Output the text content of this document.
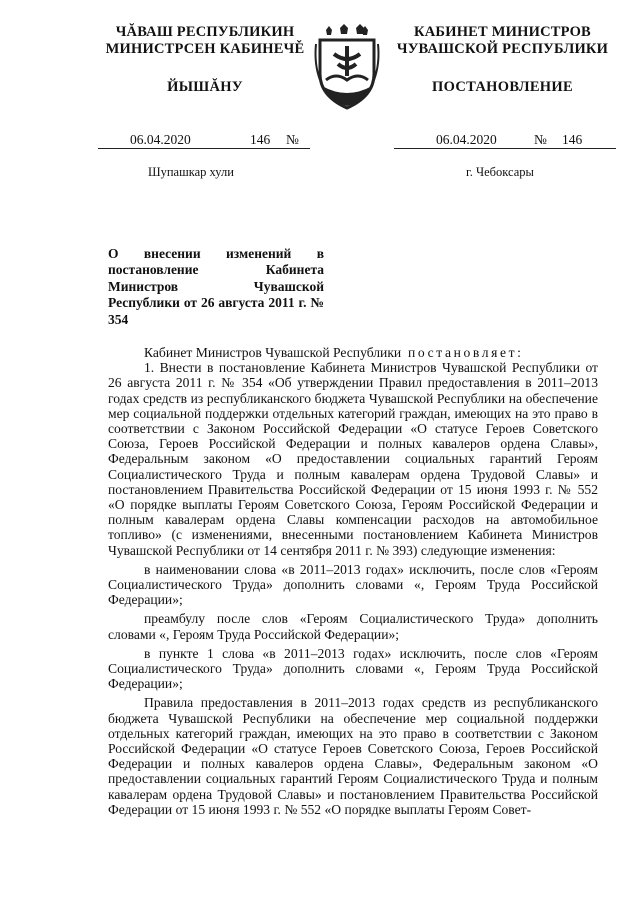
ЧĂВАШ РЕСПУБЛИКИН
МИНИСТРСЕН КАБИНЕЧĚ
ЙЫШĂНУ
КАБИНЕТ МИНИСТРОВ
ЧУВАШСКОЙ РЕСПУБЛИКИ
ПОСТАНОВЛЕНИЕ
06.04.2020	146 №	06.04.2020	№ 146
Шупашкар хули	г. Чебоксары
О внесении изменений в постановление Кабинета Министров Чувашской Республики от 26 августа 2011 г. № 354

Кабинет Министров Чувашской Республики постановляет:

1. Внести в постановление Кабинета Министров Чувашской Республики от 26 августа 2011 г. № 354 «Об утверждении Правил предоставления в 2011–2013 годах средств из республиканского бюджета Чувашской Республики на обеспечение мер социальной поддержки отдельных категорий граждан, имеющих на это право в соответствии с Законом Российской Федерации «О статусе Героев Советского Союза, Героев Российской Федерации и полных кавалеров ордена Славы», Федеральным законом «О предоставлении социальных гарантий Героям Социалистического Труда и полным кавалерам ордена Трудовой Славы» и постановлением Правительства Российской Федерации от 15 июня 1993 г. № 552 «О порядке выплаты Героям Советского Союза, Героям Российской Федерации и полным кавалерам ордена Славы компенсации расходов на автомобильное топливо» (с изменениями, внесенными постановлением Кабинета Министров Чувашской Республики от 14 сентября 2011 г. № 393) следующие изменения:

в наименовании слова «в 2011–2013 годах» исключить, после слов «Героям Социалистического Труда» дополнить словами «, Героям Труда Российской Федерации»;

преамбулу после слов «Героям Социалистического Труда» дополнить словами «, Героям Труда Российской Федерации»;

в пункте 1 слова «в 2011–2013 годах» исключить, после слов «Героям Социалистического Труда» дополнить словами «, Героям Труда Российской Федерации»;

Правила предоставления в 2011–2013 годах средств из республиканского бюджета Чувашской Республики на обеспечение мер социальной поддержки отдельных категорий граждан, имеющих на это право в соответствии с Законом Российской Федерации «О статусе Героев Советского Союза, Героев Российской Федерации и полных кавалеров ордена Славы», Федеральным законом «О предоставлении социальных гарантий Героям Социалистического Труда и полным кавалерам ордена Трудовой Славы» и постановлением Правительства Российской Федерации от 15 июня 1993 г. № 552 «О порядке выплаты Героям Совет-
